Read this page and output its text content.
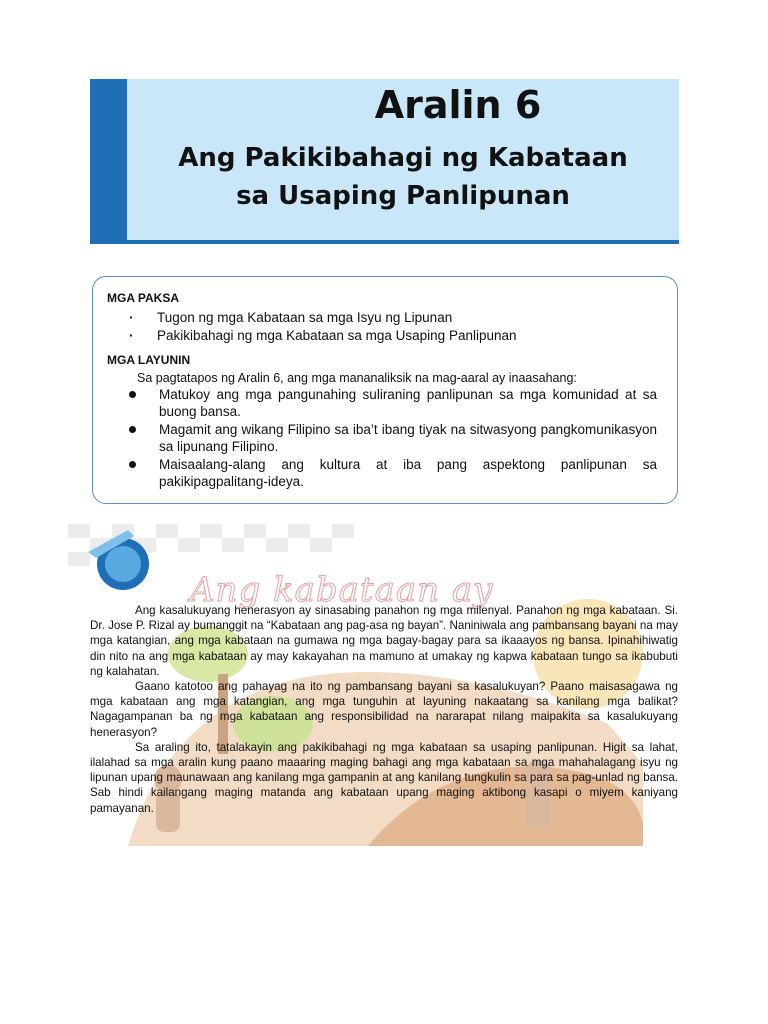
Aralin 6
Ang Pakikibahagi ng Kabataan
sa Usaping Panlipunan
MGA PAKSA
· Tugon ng mga Kabataan sa mga Isyu ng Lipunan
· Pakikibahagi ng mga Kabataan sa mga Usaping Panlipunan
MGA LAYUNIN
Sa pagtatapos ng Aralin 6, ang mga mananaliksik na mag-aaral ay inaasahang:
Matukoy ang mga pangunahing suliraning panlipunan sa mga komunidad at sa buong bansa.
Magamit ang wikang Filipino sa iba’t ibang tiyak na sitwasyong pangkomunikasyon sa lipunang Filipino.
Maisaalang-alang ang kultura at iba pang aspektong panlipunan sa pakikipagpalitang-ideya.
Ang kabataan ay

Ang kasalukuyang henerasyon ay sinasabing panahon ng mga milenyal. Panahon ng mga kabataan. Si. Dr. Jose P. Rizal ay bumanggit na “Kabataan ang pag-asa ng bayan”. Naniniwala ang pambansang bayani na may mga katangian, ang mga kabataan na gumawa ng mga bagay-bagay para sa ikaaayos ng bansa. Ipinahihiwatig din nito na ang mga kabataan ay may kakayahan na mamuno at umakay ng kapwa kabataan tungo sa ikabubuti ng kalahatan.

Gaano katotoo ang pahayag na ito ng pambansang bayani sa kasalukuyan? Paano maisasagawa ng mga kabataan ang mga katangian, ang mga tunguhin at layuning nakaatang sa kanilang mga balikat? Nagagampanan ba ng mga kabataan ang responsibilidad na nararapat nilang maipakita sa kasalukuyang henerasyon?

Sa araling ito, tatalakayin ang pakikibahagi ng mga kabataan sa usaping panlipunan. Higit sa lahat, ilalahad sa mga aralin kung paano maaaring maging bahagi ang mga kabataan sa mga mahahalagang isyu ng lipunan upang maunawaan ang kanilang mga gampanin at ang kanilang tungkulin sa para sa pag-unlad ng bansa. Sab hindi kailangang maging matanda ang kabataan upang maging aktibong kasapi o miyem kaniyang pamayanan.
